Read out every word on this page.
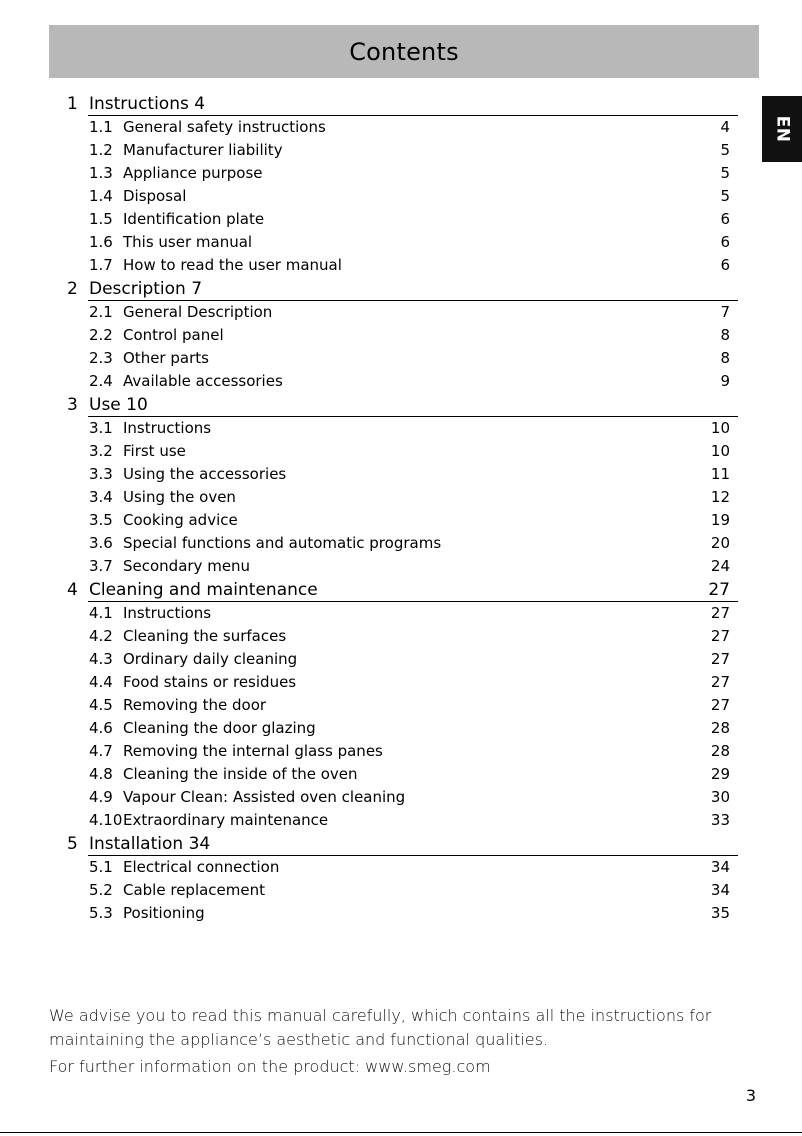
Contents
EN
1 Instructions 4
1.1 General safety instructions	4
1.2 Manufacturer liability	5
1.3 Appliance purpose	5
1.4 Disposal	5
1.5 Identification plate	6
1.6 This user manual	6
1.7 How to read the user manual	6
2 Description 7
2.1 General Description	7
2.2 Control panel	8
2.3 Other parts	8
2.4 Available accessories	9
3 Use 10
3.1 Instructions	10
3.2 First use	10
3.3 Using the accessories	11
3.4 Using the oven	12
3.5 Cooking advice	19
3.6 Special functions and automatic programs	20
3.7 Secondary menu	24
4 Cleaning and maintenance	27
4.1 Instructions	27
4.2 Cleaning the surfaces	27
4.3 Ordinary daily cleaning	27
4.4 Food stains or residues	27
4.5 Removing the door	27
4.6 Cleaning the door glazing	28
4.7 Removing the internal glass panes	28
4.8 Cleaning the inside of the oven	29
4.9 Vapour Clean: Assisted oven cleaning	30
4.10Extraordinary maintenance	33
5 Installation 34
5.1 Electrical connection	34
5.2 Cable replacement	34
5.3 Positioning	35

We advise you to read this manual carefully, which contains all the instructions for maintaining the appliance’s aesthetic and functional qualities.

For further information on the product: www.smeg.com

3
